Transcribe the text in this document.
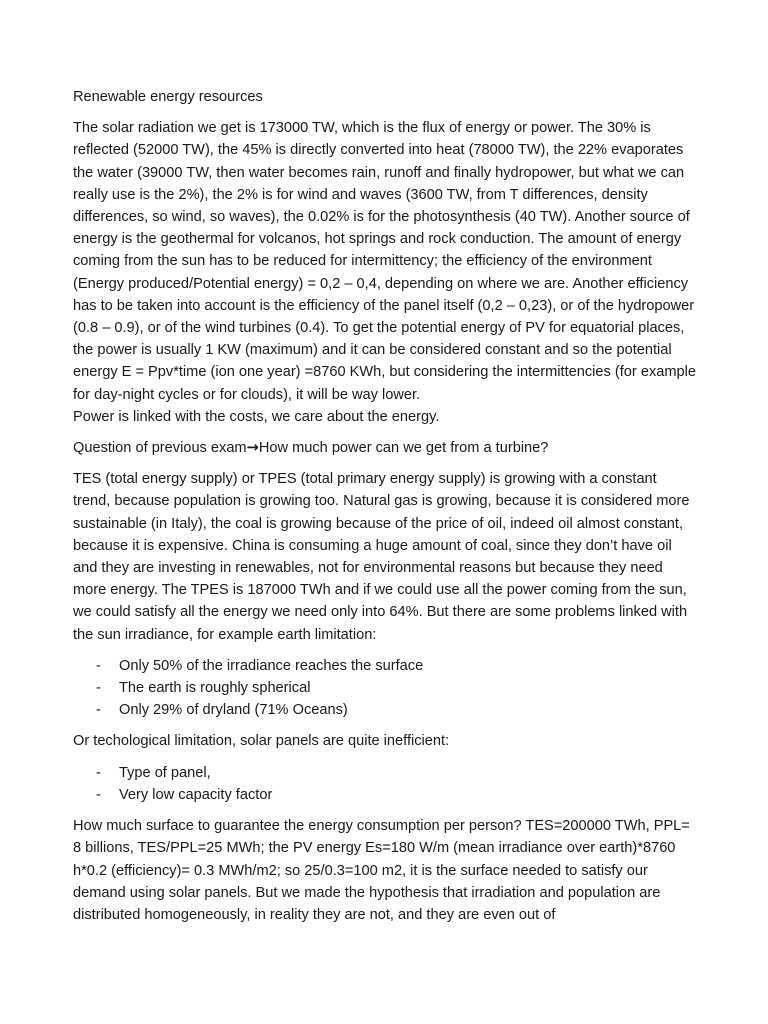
Renewable energy resources

The solar radiation we get is 173000 TW, which is the flux of energy or power. The 30% is reflected (52000 TW), the 45% is directly converted into heat (78000 TW), the 22% evaporates the water (39000 TW, then water becomes rain, runoff and finally hydropower, but what we can really use is the 2%), the 2% is for wind and waves (3600 TW, from T differences, density differences, so wind, so waves), the 0.02% is for the photosynthesis (40 TW). Another source of energy is the geothermal for volcanos, hot springs and rock conduction. The amount of energy coming from the sun has to be reduced for intermittency; the efficiency of the environment (Energy produced/Potential energy) = 0,2 – 0,4, depending on where we are. Another efficiency has to be taken into account is the efficiency of the panel itself (0,2 – 0,23), or of the hydropower (0.8 – 0.9), or of the wind turbines (0.4). To get the potential energy of PV for equatorial places, the power is usually 1 KW (maximum) and it can be considered constant and so the potential energy E = Ppv*time (ion one year) =8760 KWh, but considering the intermittencies (for example for day-night cycles or for clouds), it will be way lower.

Power is linked with the costs, we care about the energy.

Question of previous exam→How much power can we get from a turbine?

TES (total energy supply) or TPES (total primary energy supply) is growing with a constant trend, because population is growing too. Natural gas is growing, because it is considered more sustainable (in Italy), the coal is growing because of the price of oil, indeed oil almost constant, because it is expensive. China is consuming a huge amount of coal, since they don’t have oil and they are investing in renewables, not for environmental reasons but because they need more energy. The TPES is 187000 TWh and if we could use all the power coming from the sun, we could satisfy all the energy we need only into 64%. But there are some problems linked with the sun irradiance, for example earth limitation:

- Only 50% of the irradiance reaches the surface
- The earth is roughly spherical
- Only 29% of dryland (71% Oceans)

Or techological limitation, solar panels are quite inefficient:

- Type of panel,
- Very low capacity factor

How much surface to guarantee the energy consumption per person? TES=200000 TWh, PPL= 8 billions, TES/PPL=25 MWh; the PV energy Es=180 W/m (mean irradiance over earth)*8760 h*0.2 (efficiency)= 0.3 MWh/m2; so 25/0.3=100 m2, it is the surface needed to satisfy our demand using solar panels. But we made the hypothesis that irradiation and population are distributed homogeneously, in reality they are not, and they are even out of
